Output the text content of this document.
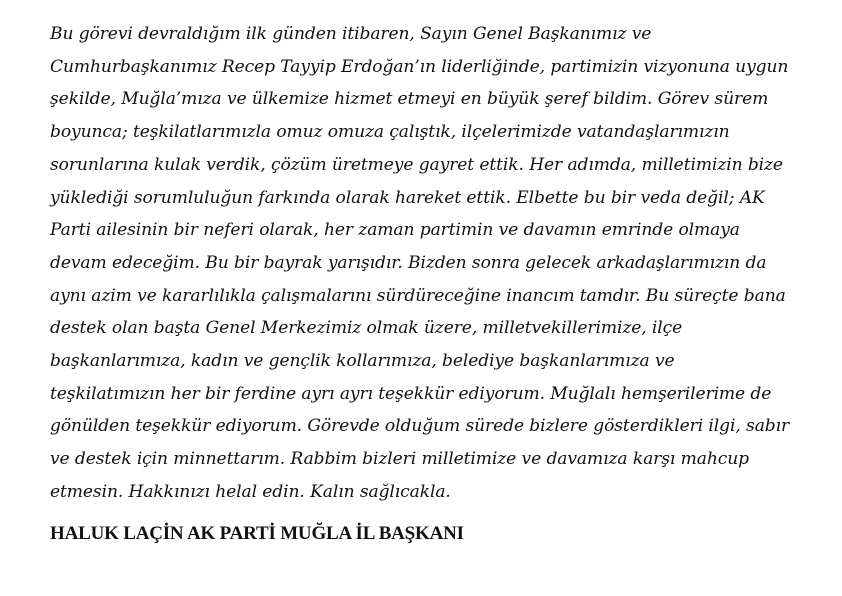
Bu görevi devraldığım ilk günden itibaren, Sayın Genel Başkanımız ve Cumhurbaşkanımız Recep Tayyip Erdoğan’ın liderliğinde, partimizin vizyonuna uygun şekilde, Muğla’mıza ve ülkemize hizmet etmeyi en büyük şeref bildim. Görev sürem boyunca; teşkilatlarımızla omuz omuza çalıştık, ilçelerimizde vatandaşlarımızın sorunlarına kulak verdik, çözüm üretmeye gayret ettik. Her adımda, milletimizin bize yüklediği sorumluluğun farkında olarak hareket ettik. Elbette bu bir veda değil; AK Parti ailesinin bir neferi olarak, her zaman partimin ve davamın emrinde olmaya devam edeceğim. Bu bir bayrak yarışıdır. Bizden sonra gelecek arkadaşlarımızın da aynı azim ve kararlılıkla çalışmalarını sürdüreceğine inancım tamdır. Bu süreçte bana destek olan başta Genel Merkezimiz olmak üzere, milletvekillerimize, ilçe başkanlarımıza, kadın ve gençlik kollarımıza, belediye başkanlarımıza ve teşkilatımızın her bir ferdine ayrı ayrı teşekkür ediyorum. Muğlalı hemşerilerime de gönülden teşekkür ediyorum. Görevde olduğum sürede bizlere gösterdikleri ilgi, sabır ve destek için minnettarım. Rabbim bizleri milletimize ve davamıza karşı mahcup etmesin. Hakkınızı helal edin. Kalın sağlıcakla.

HALUK LAÇİN AK PARTİ MUĞLA İL BAŞKANI
